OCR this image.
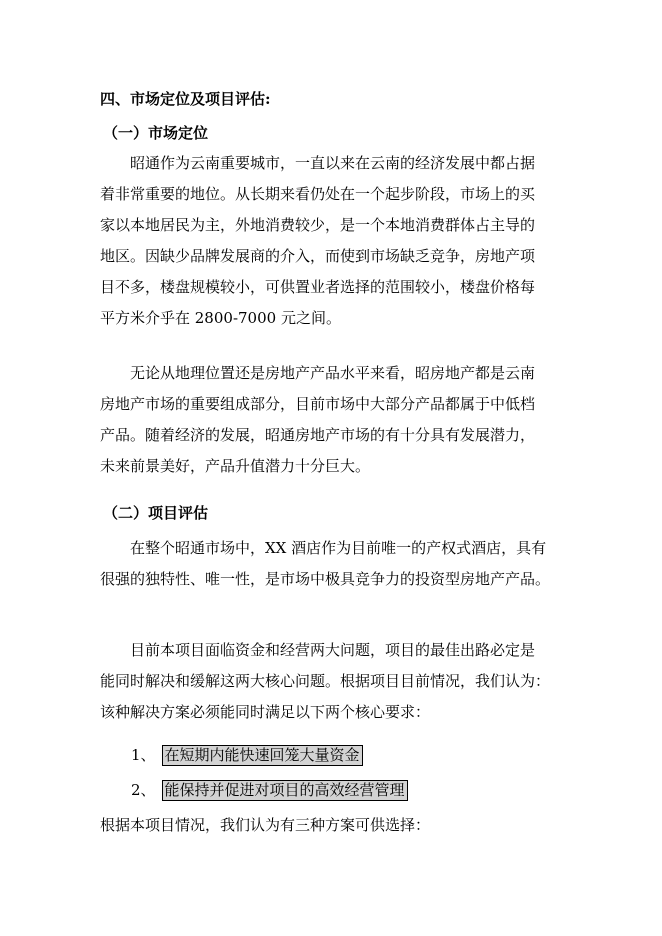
四、市场定位及项目评估:
（一）市场定位
昭通作为云南重要城市，一直以来在云南的经济发展中都占据
着非常重要的地位。从长期来看仍处在一个起步阶段，市场上的买
家以本地居民为主，外地消费较少，是一个本地消费群体占主导的
地区。因缺少品牌发展商的介入，而使到市场缺乏竞争，房地产项
目不多，楼盘规模较小，可供置业者选择的范围较小，楼盘价格每
平方米介乎在 2800-7000 元之间。
无论从地理位置还是房地产产品水平来看，昭房地产都是云南
房地产市场的重要组成部分，目前市场中大部分产品都属于中低档
产品。随着经济的发展，昭通房地产市场的有十分具有发展潜力，
未来前景美好，产品升值潜力十分巨大。
（二）项目评估
在整个昭通市场中，XX 酒店作为目前唯一的产权式酒店，具有
很强的独特性、唯一性，是市场中极具竞争力的投资型房地产产品。
目前本项目面临资金和经营两大问题，项目的最佳出路必定是
能同时解决和缓解这两大核心问题。根据项目目前情况，我们认为：
该种解决方案必须能同时满足以下两个核心要求：
1、 在短期内能快速回笼大量资金
2、 能保持并促进对项目的高效经营管理
根据本项目情况，我们认为有三种方案可供选择：
